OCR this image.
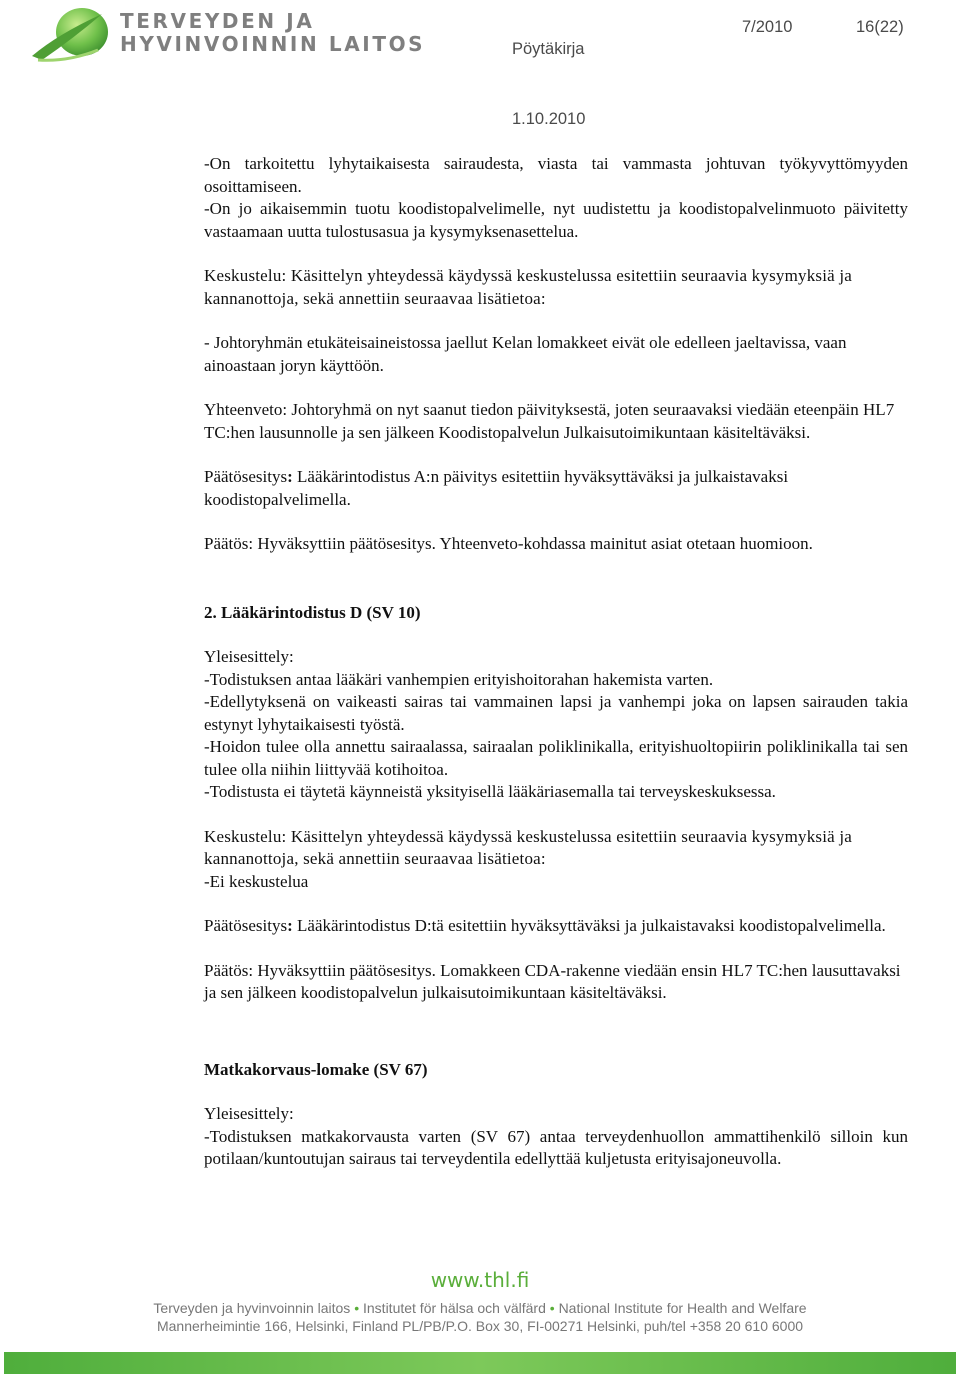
TERVEYDEN JA
HYVINVOINNIN LAITOS	Pöytäkirja
7/2010	16(22)
1.10.2010

-On tarkoitettu lyhytaikaisesta sairaudesta, viasta tai vammasta johtuvan työkyvyttömyyden osoittamiseen.

-On jo aikaisemmin tuotu koodistopalvelimelle, nyt uudistettu ja koodistopalvelinmuoto päivitetty vastaamaan uutta tulostusasua ja kysymyksenasettelua.

Keskustelu: Käsittelyn yhteydessä käydyssä keskustelussa esitettiin seuraavia kysymyksiä ja kannanottoja, sekä annettiin seuraavaa lisätietoa:

- Johtoryhmän etukäteisaineistossa jaellut Kelan lomakkeet eivät ole edelleen jaeltavissa, vaan ainoastaan joryn käyttöön.

Yhteenveto: Johtoryhmä on nyt saanut tiedon päivityksestä, joten seuraavaksi viedään eteenpäin HL7 TC:hen lausunnolle ja sen jälkeen Koodistopalvelun Julkaisutoimikuntaan käsiteltäväksi.

Päätösesitys: Lääkärintodistus A:n päivitys esitettiin hyväksyttäväksi ja julkaistavaksi koodistopalvelimella.

Päätös: Hyväksyttiin päätösesitys. Yhteenveto-kohdassa mainitut asiat otetaan huomioon.

2. Lääkärintodistus D (SV 10)

Yleisesittely:

-Todistuksen antaa lääkäri vanhempien erityishoitorahan hakemista varten.

-Edellytyksenä on vaikeasti sairas tai vammainen lapsi ja vanhempi joka on lapsen sairauden takia estynyt lyhytaikaisesti työstä.

-Hoidon tulee olla annettu sairaalassa, sairaalan poliklinikalla, erityishuoltopiirin poliklinikalla tai sen tulee olla niihin liittyvää kotihoitoa.

-Todistusta ei täytetä käynneistä yksityisellä lääkäriasemalla tai terveyskeskuksessa.

Keskustelu: Käsittelyn yhteydessä käydyssä keskustelussa esitettiin seuraavia kysymyksiä ja kannanottoja, sekä annettiin seuraavaa lisätietoa:

-Ei keskustelua

Päätösesitys: Lääkärintodistus D:tä esitettiin hyväksyttäväksi ja julkaistavaksi koodistopalvelimella.

Päätös: Hyväksyttiin päätösesitys. Lomakkeen CDA-rakenne viedään ensin HL7 TC:hen lausuttavaksi ja sen jälkeen koodistopalvelun julkaisutoimikuntaan käsiteltäväksi.

Matkakorvaus-lomake (SV 67)

Yleisesittely:

-Todistuksen matkakorvausta varten (SV 67) antaa terveydenhuollon ammattihenkilö silloin kun potilaan/kuntoutujan sairaus tai terveydentila edellyttää kuljetusta erityisajoneuvolla.

www.thl.fi
Terveyden ja hyvinvoinnin laitos • Institutet för hälsa och välfärd • National Institute for Health and Welfare
Mannerheimintie 166, Helsinki, Finland PL/PB/P.O. Box 30, FI-00271 Helsinki, puh/tel +358 20 610 6000
